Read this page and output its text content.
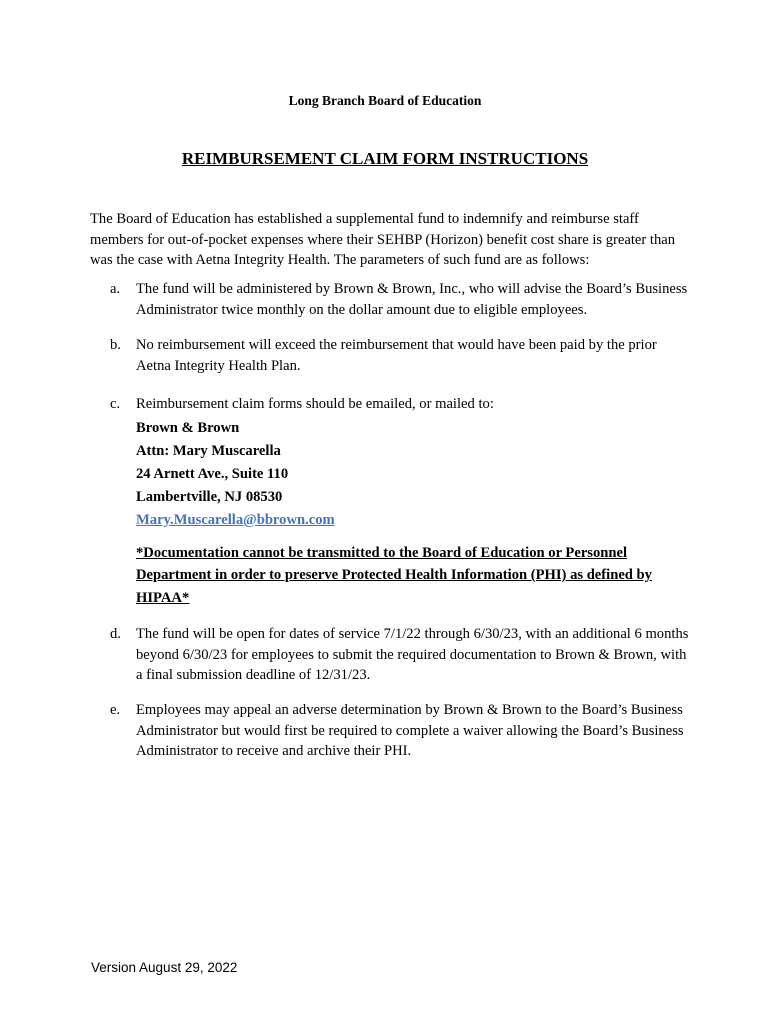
Long Branch Board of Education
REIMBURSEMENT CLAIM FORM INSTRUCTIONS

The Board of Education has established a supplemental fund to indemnify and reimburse staff members for out-of-pocket expenses where their SEHBP (Horizon) benefit cost share is greater than was the case with Aetna Integrity Health. The parameters of such fund are as follows:

a.	The fund will be administered by Brown & Brown, Inc., who will advise the Board’s Business Administrator twice monthly on the dollar amount due to eligible employees.
b.	No reimbursement will exceed the reimbursement that would have been paid by the prior Aetna Integrity Health Plan.
c.	Reimbursement claim forms should be emailed, or mailed to:
Brown & Brown
Attn: Mary Muscarella
24 Arnett Ave., Suite 110
Lambertville, NJ 08530
Mary.Muscarella@bbrown.com
*Documentation cannot be transmitted to the Board of Education or Personnel Department in order to preserve Protected Health Information (PHI) as defined by HIPAA*
d.	The fund will be open for dates of service 7/1/22 through 6/30/23, with an additional 6 months beyond 6/30/23 for employees to submit the required documentation to Brown & Brown, with a final submission deadline of 12/31/23.
e.	Employees may appeal an adverse determination by Brown & Brown to the Board’s Business Administrator but would first be required to complete a waiver allowing the Board’s Business Administrator to receive and archive their PHI.
Version August 29, 2022
